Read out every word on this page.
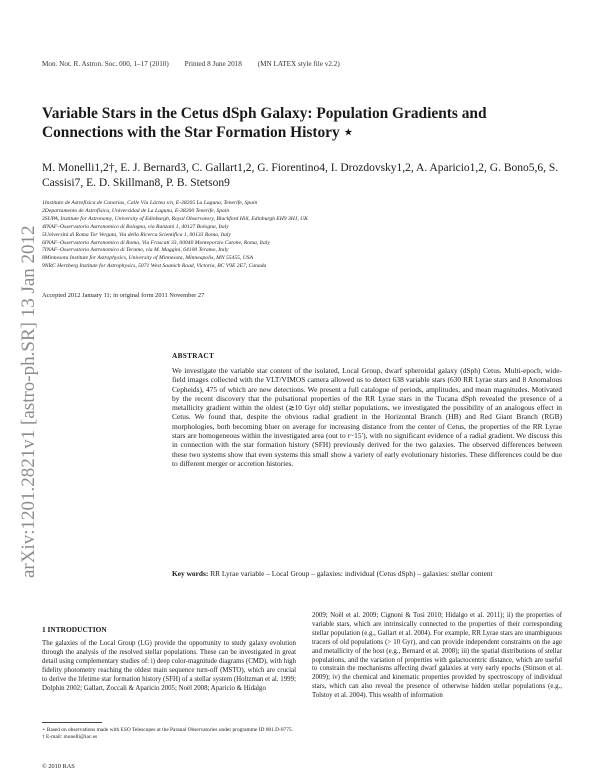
arXiv:1201.2821v1 [astro-ph.SR] 13 Jan 2012
Mon. Not. R. Astron. Soc. 000, 1–17 (2010) Printed 8 June 2018 (MN LATEX style file v2.2)
Variable Stars in the Cetus dSph Galaxy: Population Gradients and Connections with the Star Formation History ⋆
M. Monelli1,2†, E. J. Bernard3, C. Gallart1,2, G. Fiorentino4, I. Drozdovsky1,2, A. Aparicio1,2, G. Bono5,6, S. Cassisi7, E. D. Skillman8, P. B. Stetson9
1Instituto de Astrofísica de Canarias, Calle Vía Láctea s/n, E-38205 La Laguna, Tenerife, Spain
2Departamento de Astrofísica, Universidad de La Laguna, E-38200 Tenerife, Spain
3SUPA, Institute for Astronomy, University of Edinburgh, Royal Observatory, Blackford Hill, Edinburgh EH9 3HJ, UK
4INAF–Osservatorio Astronomico di Bologna, via Ranzani 1, 40127 Bologna, Italy
5Università di Roma Tor Vergata, Via della Ricerca Scientifica 1, 00133 Roma, Italy
6INAF–Osservatorio Astronomico di Roma, Via Frascati 33, 00040 Monteporzio Catone, Roma, Italy
7INAF–Osservatorio Astronomico di Teramo, via M. Maggini, 64100 Teramo, Italy
8Minnesota Institute for Astrophysics, University of Minnesota, Minneapolis, MN 55455, USA
9NRC Herzberg Institute for Astrophysics, 5071 West Saanich Road, Victoria, BC V9E 2E7, Canada
Accepted 2012 January 11; in original form 2011 November 27
ABSTRACT
We investigate the variable star content of the isolated, Local Group, dwarf spheroidal galaxy (dSph) Cetus. Multi-epoch, wide-field images collected with the VLT/VIMOS camera allowed us to detect 638 variable stars (630 RR Lyrae stars and 8 Anomalous Cepheids), 475 of which are new detections. We present a full catalogue of periods, amplitudes, and mean magnitudes. Motivated by the recent discovery that the pulsational properties of the RR Lyrae stars in the Tucana dSph revealed the presence of a metallicity gradient within the oldest (≳10 Gyr old) stellar populations, we investigated the possibility of an analogous effect in Cetus. We found that, despite the obvious radial gradient in the Horizontal Branch (HB) and Red Giant Branch (RGB) morphologies, both becoming bluer on average for increasing distance from the center of Cetus, the properties of the RR Lyrae stars are homogeneous within the investigated area (out to r~15′), with no significant evidence of a radial gradient. We discuss this in connection with the star formation history (SFH) previously derived for the two galaxies. The observed differences between these two systems show that even systems this small show a variety of early evolutionary histories. These differences could be due to different merger or accretion histories.
Key words: RR Lyrae variable – Local Group – galaxies: individual (Cetus dSph) – galaxies: stellar content
1 INTRODUCTION
The galaxies of the Local Group (LG) provide the opportunity to study galaxy evolution through the analysis of the resolved stellar populations. These can be investigated in great detail using complementary studies of: i) deep color-magnitude diagrams (CMD), with high fidelity photometry reaching the oldest main sequence turn-off (MSTO), which are crucial to derive the lifetime star formation history (SFH) of a stellar system (Holtzman et al. 1999; Dolphin 2002; Gallart, Zoccali & Aparicio 2005; Noël 2008; Aparicio & Hidalgo
2009; Noël et al. 2009; Cignoni & Tosi 2010; Hidalgo et al. 2011); ii) the properties of variable stars, which are intrinsically connected to the properties of their corresponding stellar population (e.g., Gallart et al. 2004). For example, RR Lyrae stars are unambiguous tracers of old populations (> 10 Gyr), and can provide independent constraints on the age and metallicity of the host (e.g., Bernard et al. 2008); iii) the spatial distributions of stellar populations, and the variation of properties with galactocentric distance, which are useful to constrain the mechanisms affecting dwarf galaxies at very early epochs (Stinson et al. 2009); iv) the chemical and kinematic properties provided by spectroscopy of individual stars, which can also reveal the presence of otherwise hidden stellar populations (e.g., Tolstoy et al. 2004). This wealth of information
⋆ Based on observations made with ESO Telescopes at the Paranal Observatories under programme ID 081.D-0775.
† E-mail: monelli@iac.es
© 2010 RAS
